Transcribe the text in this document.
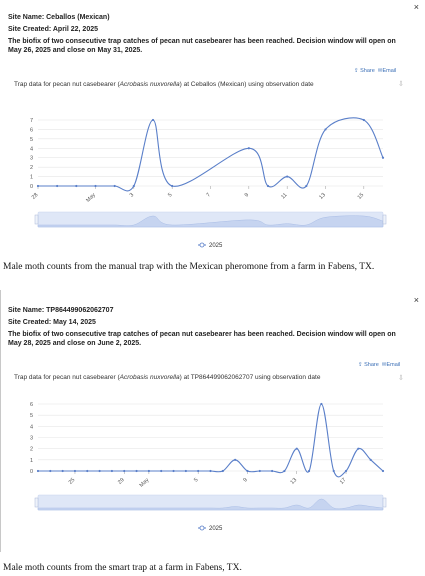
×
Site Name: Ceballos (Mexican)
Site Created: April 22, 2025
The biofix of two consecutive trap catches of pecan nut casebearer has been reached. Decision window will open on May 26, 2025 and close on May 31, 2025.
⇪ Share ✉Email
Trap data for pecan nut casebearer (Acrobasis nuxvorella) at Ceballos (Mexican) using observation date	⇩
0
1
2
3
4
5
6
7
28	May	3	5	7	9	11	13	15
2025
Male moth counts from the manual trap with the Mexican pheromone from a farm in Fabens, TX.
×
Site Name: TP864499062062707
Site Created: May 14, 2025
The biofix of two consecutive trap catches of pecan nut casebearer has been reached. Decision window will open on May 28, 2025 and close on June 2, 2025.
⇪ Share ✉Email
Trap data for pecan nut casebearer (Acrobasis nuxvorella) at TP864499062062707 using observation date	⇩
0
1
2
3
4
5
6
25	29 May	5	9	13	17
2025
Male moth counts from the smart trap at a farm in Fabens, TX.
